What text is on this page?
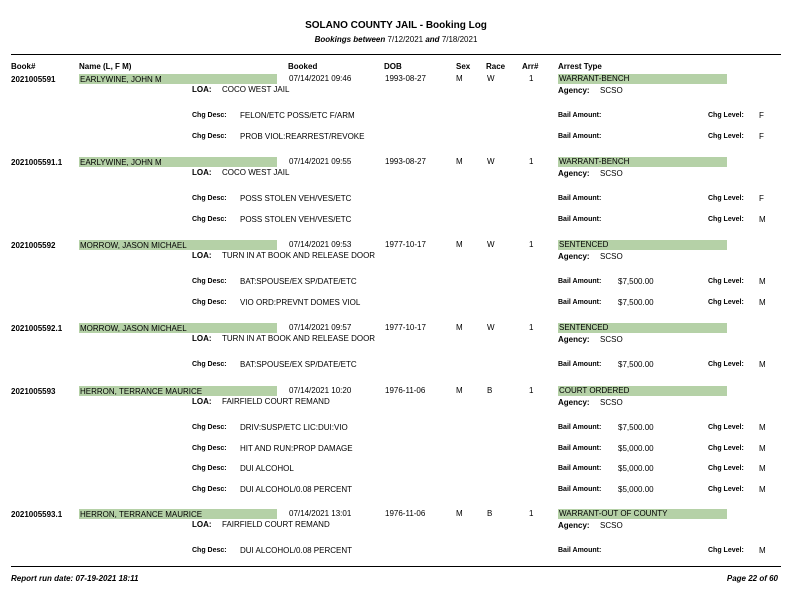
SOLANO COUNTY JAIL - Booking Log
Bookings between 7/12/2021 and 7/18/2021
Book#	Name (L, F M)	Booked	DOB	Sex Race Arr# Arrest Type
2021005591	EARLYWINE, JOHN M	07/14/2021 09:46	1993-08-27	M	W	1	WARRANT-BENCH
LOA: COCO WEST JAIL	Agency: SCSO
Chg Desc: FELON/ETC POSS/ETC F/ARM	Bail Amount:	Chg Level: F
Chg Desc: PROB VIOL:REARREST/REVOKE	Bail Amount:	Chg Level: F
2021005591.1 EARLYWINE, JOHN M	07/14/2021 09:55	1993-08-27	M	W	1	WARRANT-BENCH
LOA: COCO WEST JAIL	Agency: SCSO
Chg Desc: POSS STOLEN VEH/VES/ETC	Bail Amount:	Chg Level: F
Chg Desc: POSS STOLEN VEH/VES/ETC	Bail Amount:	Chg Level: M
2021005592	MORROW, JASON MICHAEL	07/14/2021 09:53	1977-10-17	M	W	1	SENTENCED
LOA: TURN IN AT BOOK AND RELEASE DOOR	Agency: SCSO
Chg Desc: BAT:SPOUSE/EX SP/DATE/ETC	Bail Amount: $7,500.00	Chg Level: M
Chg Desc: VIO ORD:PREVNT DOMES VIOL	Bail Amount: $7,500.00	Chg Level: M
2021005592.1 MORROW, JASON MICHAEL	07/14/2021 09:57	1977-10-17	M	W	1	SENTENCED
LOA: TURN IN AT BOOK AND RELEASE DOOR	Agency: SCSO
Chg Desc: BAT:SPOUSE/EX SP/DATE/ETC	Bail Amount: $7,500.00	Chg Level: M
2021005593	HERRON, TERRANCE MAURICE	07/14/2021 10:20	1976-11-06	M	B	1	COURT ORDERED
LOA: FAIRFIELD COURT REMAND	Agency: SCSO
Chg Desc: DRIV:SUSP/ETC LIC:DUI:VIO	Bail Amount: $7,500.00	Chg Level: M
Chg Desc: HIT AND RUN:PROP DAMAGE	Bail Amount: $5,000.00	Chg Level: M
Chg Desc: DUI ALCOHOL	Bail Amount: $5,000.00	Chg Level: M
Chg Desc: DUI ALCOHOL/0.08 PERCENT	Bail Amount: $5,000.00	Chg Level: M
2021005593.1 HERRON, TERRANCE MAURICE	07/14/2021 13:01	1976-11-06	M	B	1	WARRANT-OUT OF COUNTY
LOA: FAIRFIELD COURT REMAND	Agency: SCSO
Chg Desc: DUI ALCOHOL/0.08 PERCENT	Bail Amount:	Chg Level: M
Report run date: 07-19-2021 18:11	Page 22 of 60
